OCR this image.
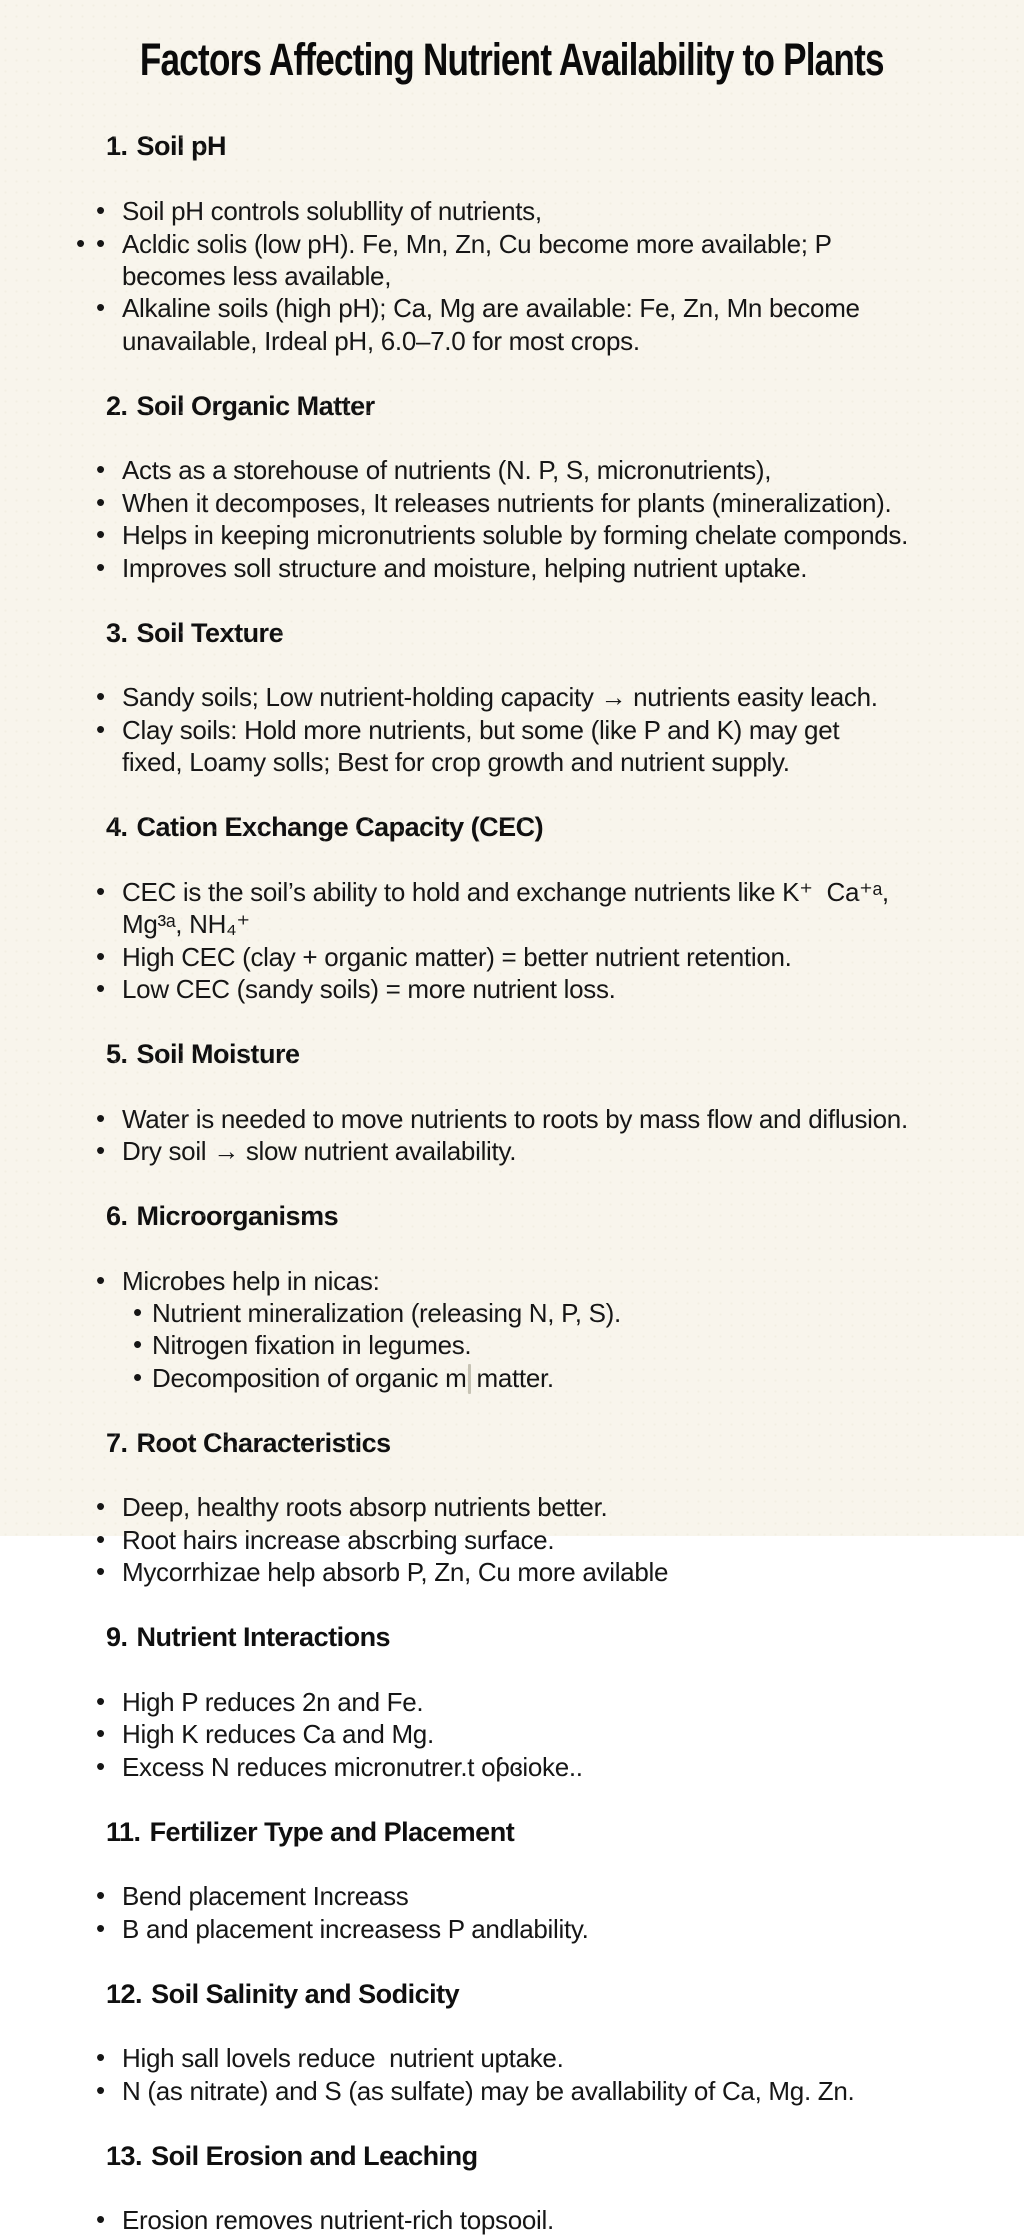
Factors Affecting Nutrient Availability to Plants

1. Soil pH

• Soil pH controls solubllity of nutrients,
• • Acldic solis (low pH). Fe, Mn, Zn, Cu become more available; P
becomes less available,
• Alkaline soils (high pH); Ca, Mg are available: Fe, Zn, Mn become
unavailable, Irdeal pH, 6.0–7.0 for most crops.

2. Soil Organic Matter

• Acts as a storehouse of nutrients (N. P, S, micronutrients),
• When it decomposes, It releases nutrients for plants (mineralization).
• Helps in keeping micronutrients soluble by forming chelate componds.
• Improves soll structure and moisture, helping nutrient uptake.

3. Soil Texture

• Sandy soils; Low nutrient-holding capacity → nutrients easity leach.
• Clay soils: Hold more nutrients, but some (like P and K) may get
fixed, Loamy solls; Best for crop growth and nutrient supply.

4. Cation Exchange Capacity (CEC)

• CEC is the soil’s ability to hold and exchange nutrients like K⁺  Ca⁺ᵃ,
Mg³ᵃ, NH₄⁺
• High CEC (clay + organic matter) = better nutrient retention.
• Low CEC (sandy soils) = more nutrient loss.

5. Soil Moisture

• Water is needed to move nutrients to roots by mass flow and diflusion.
• Dry soil → slow nutrient availability.

6. Microorganisms

• Microbes help in nicas:
• Nutrient mineralization (releasing N, P, S).
• Nitrogen fixation in legumes.
• Decomposition of organic m matter.

7. Root Characteristics

• Deep, healthy roots absorp nutrients better.
• Root hairs increase abscrbing surface.
• Mycorrhizae help absorb P, Zn, Cu more avilable

9. Nutrient Interactions

• High P reduces 2n and Fe.
• High K reduces Ca and Mg.
• Excess N reduces micronutrer.t oƥɞioke..

11. Fertilizer Type and Placement

• Bend placement Increass
• B and placement increasess P andlability.

12. Soil Salinity and Sodicity

• High sall lovels reduce  nutrient uptake.
• N (as nitrate) and S (as sulfate) may be avallability of Ca, Mg. Zn.

13. Soil Erosion and Leaching

• Erosion removes nutrient-rich topsooil.
